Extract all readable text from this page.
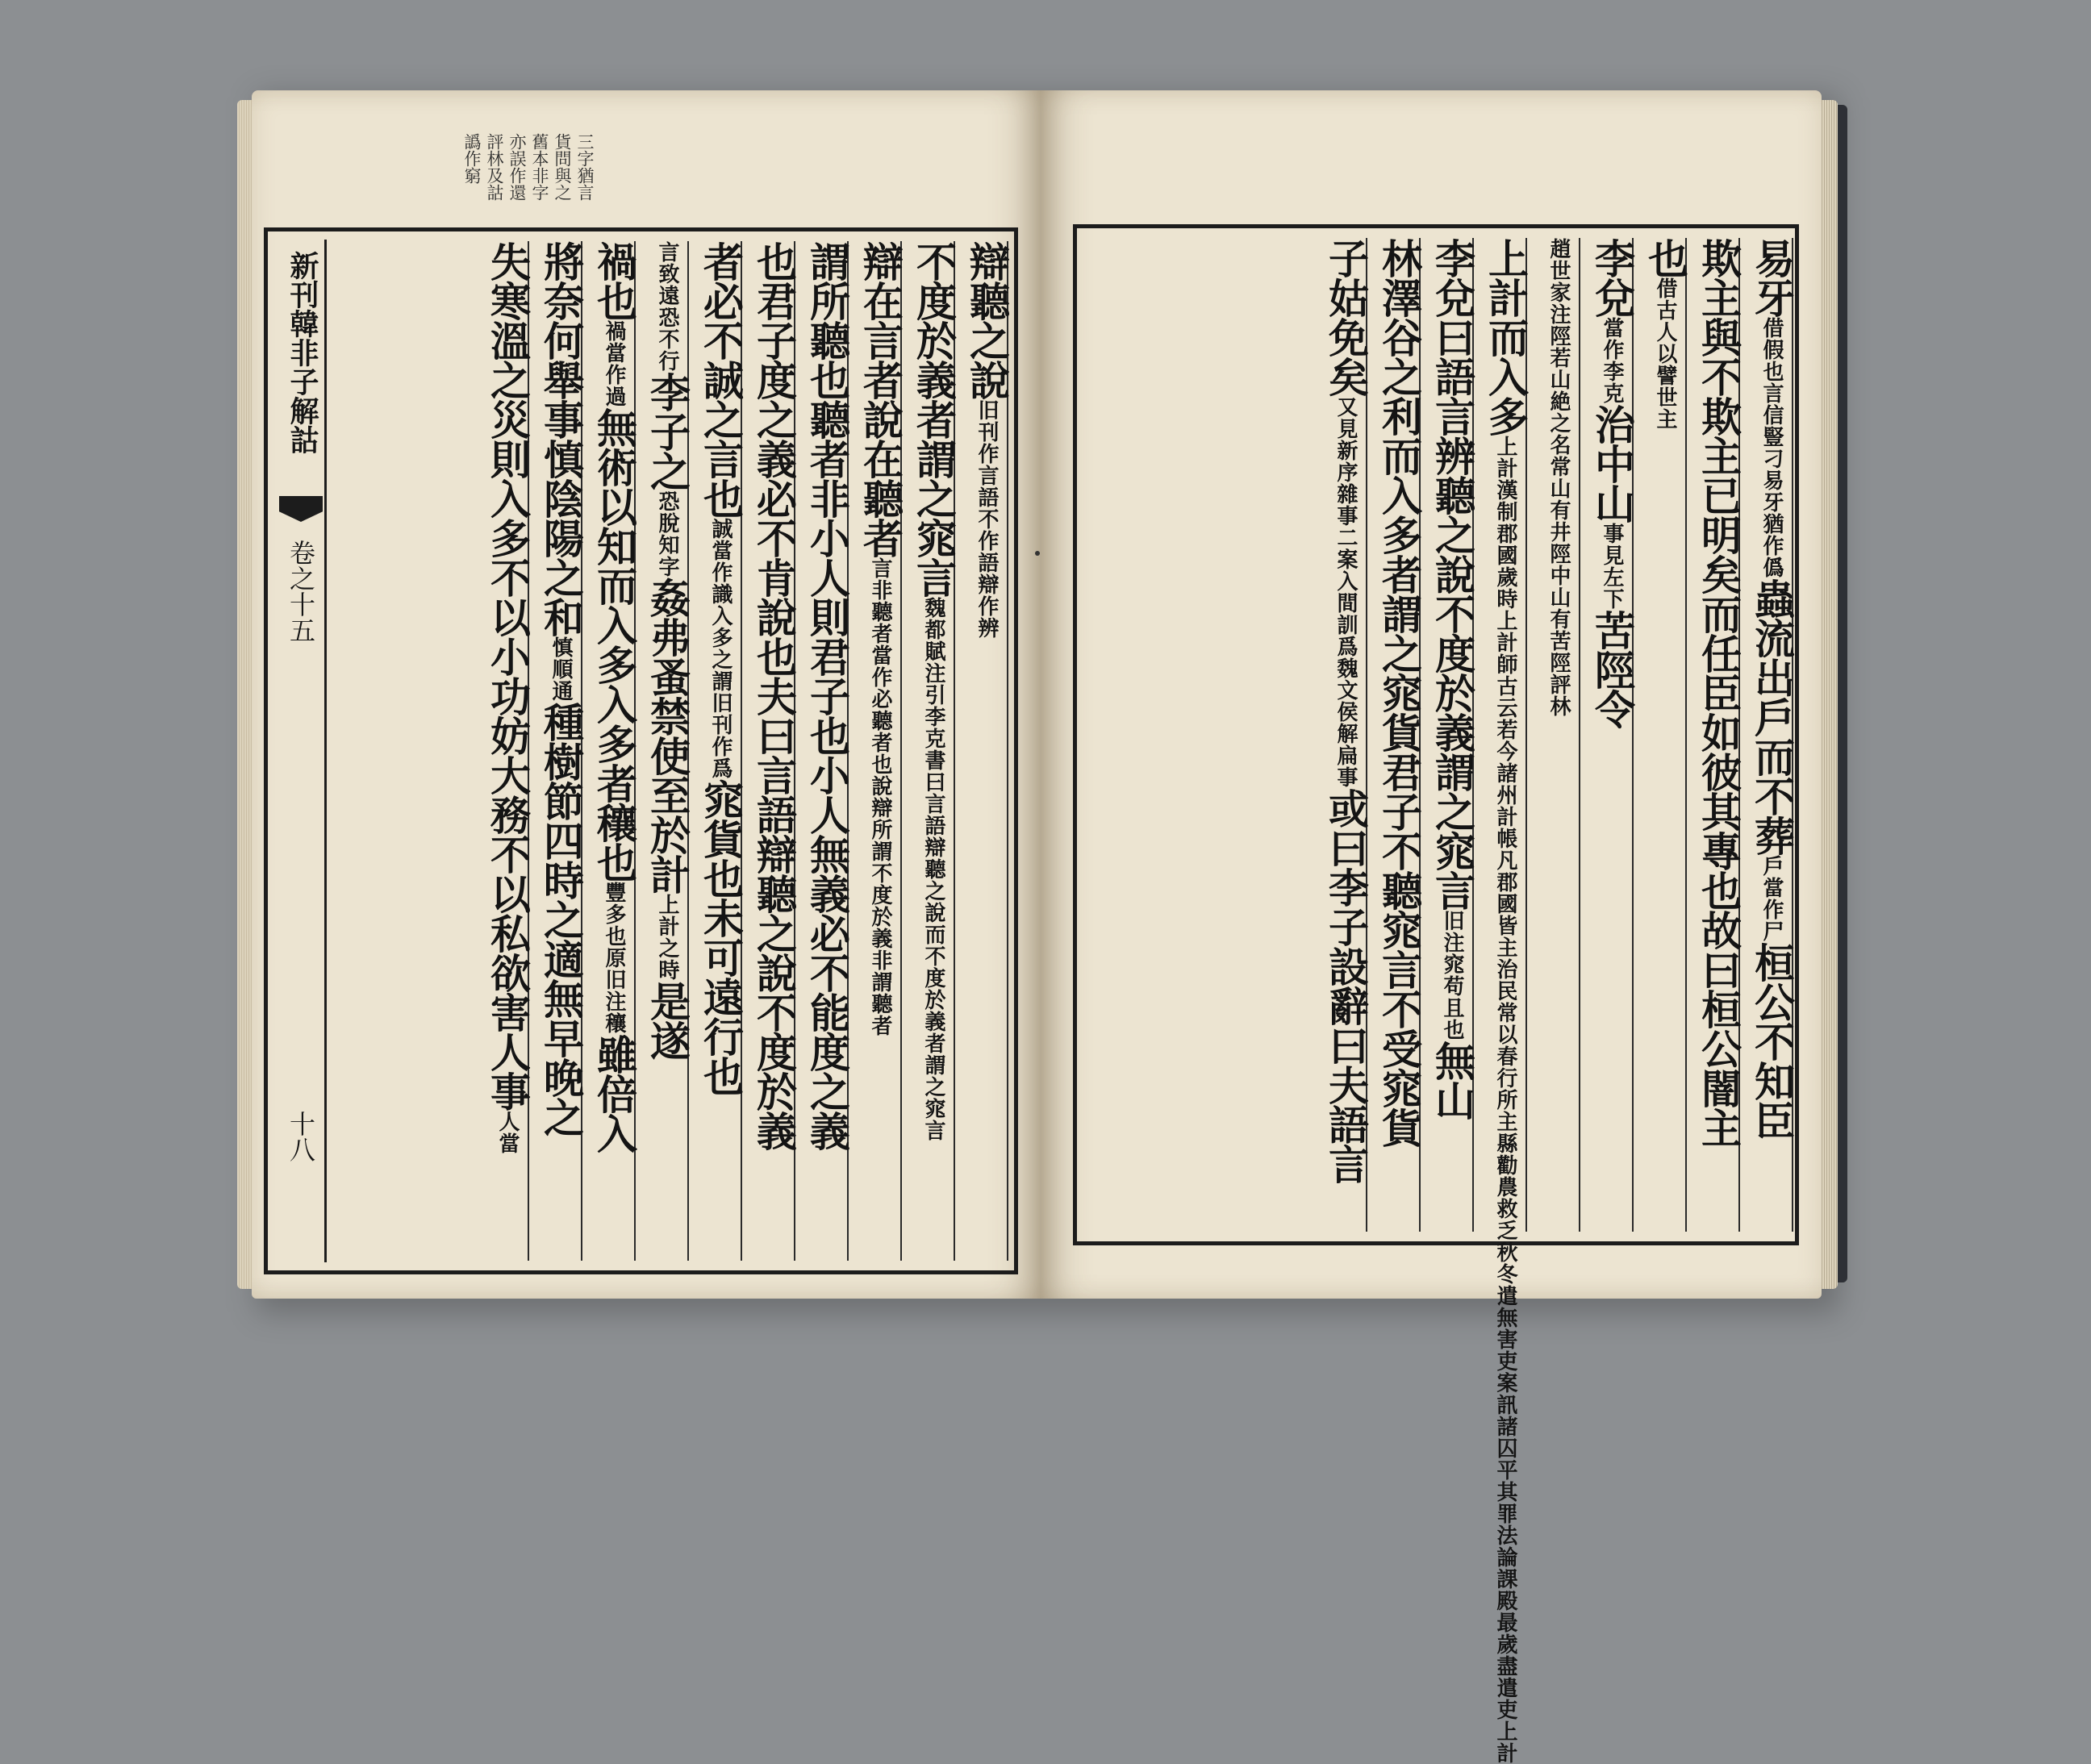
三字猶言
貨問與之
舊本非字
亦誤作還
評林及詁
譌作窮
新刊韓非子解詁
卷之十五
十八
辯聽之說旧刊作言語不作語辯作辨
不度於義者謂之窕言魏都賦注引李克書曰言語辯聽之說而不度於義者謂之窕言
辯在言者說在聽者言非聽者當作必聽者也說辯所謂不度於義非謂聽者
謂所聽也聽者非小人則君子也小人無義必不能度之義
也君子度之義必不肯說也夫曰言語辯聽之說不度於義
者必不誠之言也誠當作識入多之謂旧刊作爲窕貨也未可遠行也
言致遠恐不行李子之恐脫知字姦弗蚤禁使至於計上計之時是遂
禍也禍當作過無術以知而入多入多者穰也豐多也原旧注穰雖倍入
將奈何舉事慎陰陽之和慎順通種樹節四時之適無早晚之
失寒溫之災則入多不以小功妨大務不以私欲害人事人當
易牙借假也言信豎刁易牙猶作僞蟲流出戶而不葬戶當作尸桓公不知臣
欺主與不欺主已明矣而任臣如彼其專也故曰桓公闇主
也借古人以譬世主
李兌當作李克治中山事見左下苦陘令
趙世家注陘若山絶之名常山有井陘中山有苦陘評林
上計而入多上計漢制郡國歲時上計師古云若今諸州計帳凡郡國皆主治民常以春行所主縣勸農救乏秋冬遣無害吏案訊諸囚平其罪法論課殿最歲盡遣吏上計
李兌曰語言辨聽之說不度於義謂之窕言旧注窕苟且也無山
林澤谷之利而入多者謂之窕貨君子不聽窕言不受窕貨
子姑免矣又見新序雜事二案入間訓爲魏文侯解扁事或曰李子設辭曰夫語言
